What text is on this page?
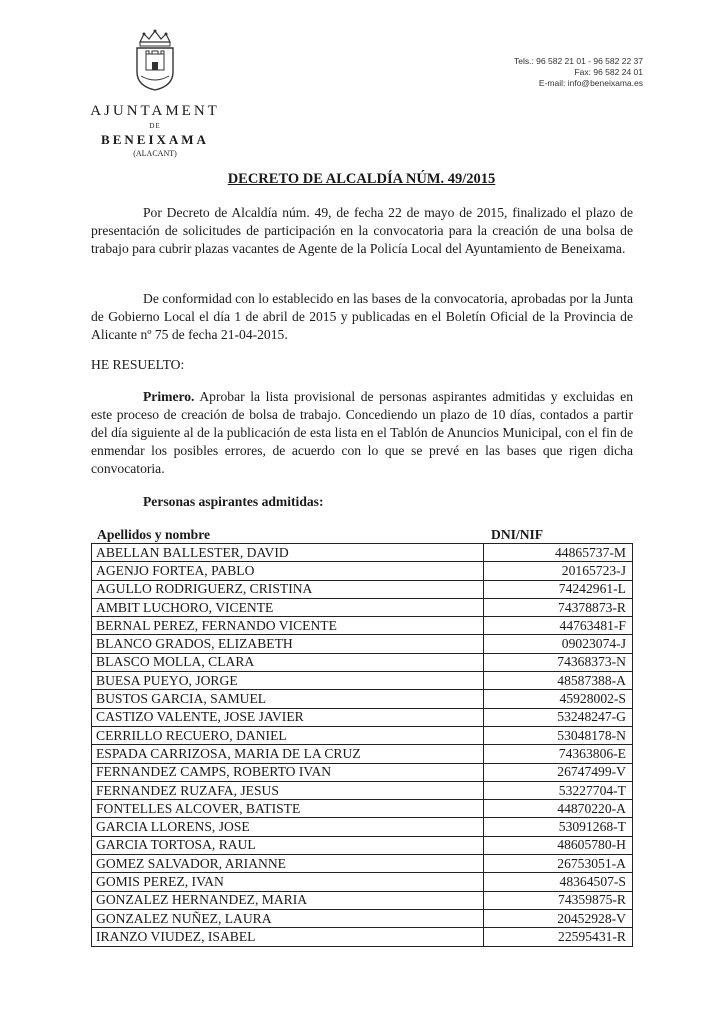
AJUNTAMENT
DE
BENEIXAMA
(ALACANT)
Tels.: 96 582 21 01 - 96 582 22 37
Fax: 96 582 24 01
E-mail: info@beneixama.es
DECRETO DE ALCALDÍA NÚM. 49/2015
Por Decreto de Alcaldía núm. 49, de fecha 22 de mayo de 2015, finalizado el plazo de presentación de solicitudes de participación en la convocatoria para la creación de una bolsa de trabajo para cubrir plazas vacantes de Agente de la Policía Local del Ayuntamiento de Beneixama.
De conformidad con lo establecido en las bases de la convocatoria, aprobadas por la Junta de Gobierno Local el día 1 de abril de 2015 y publicadas en el Boletín Oficial de la Provincia de Alicante nº 75 de fecha 21-04-2015.
HE RESUELTO:
Primero. Aprobar la lista provisional de personas aspirantes admitidas y excluidas en este proceso de creación de bolsa de trabajo. Concediendo un plazo de 10 días, contados a partir del día siguiente al de la publicación de esta lista en el Tablón de Anuncios Municipal, con el fin de enmendar los posibles errores, de acuerdo con lo que se prevé en las bases que rigen dicha convocatoria.
Personas aspirantes admitidas:
Apellidos y nombre	DNI/NIF
ABELLAN BALLESTER, DAVID	44865737-M
AGENJO FORTEA, PABLO	20165723-J
AGULLO RODRIGUERZ, CRISTINA	74242961-L
AMBIT LUCHORO, VICENTE	74378873-R
BERNAL PEREZ, FERNANDO VICENTE	44763481-F
BLANCO GRADOS, ELIZABETH	09023074-J
BLASCO MOLLA, CLARA	74368373-N
BUESA PUEYO, JORGE	48587388-A
BUSTOS GARCIA, SAMUEL	45928002-S
CASTIZO VALENTE, JOSE JAVIER	53248247-G
CERRILLO RECUERO, DANIEL	53048178-N
ESPADA CARRIZOSA, MARIA DE LA CRUZ	74363806-E
FERNANDEZ CAMPS, ROBERTO IVAN	26747499-V
FERNANDEZ RUZAFA, JESUS	53227704-T
FONTELLES ALCOVER, BATISTE	44870220-A
GARCIA LLORENS, JOSE	53091268-T
GARCIA TORTOSA, RAUL	48605780-H
GOMEZ SALVADOR, ARIANNE	26753051-A
GOMIS PEREZ, IVAN	48364507-S
GONZALEZ HERNANDEZ, MARIA	74359875-R
GONZALEZ NUÑEZ, LAURA	20452928-V
IRANZO VIUDEZ, ISABEL	22595431-R
